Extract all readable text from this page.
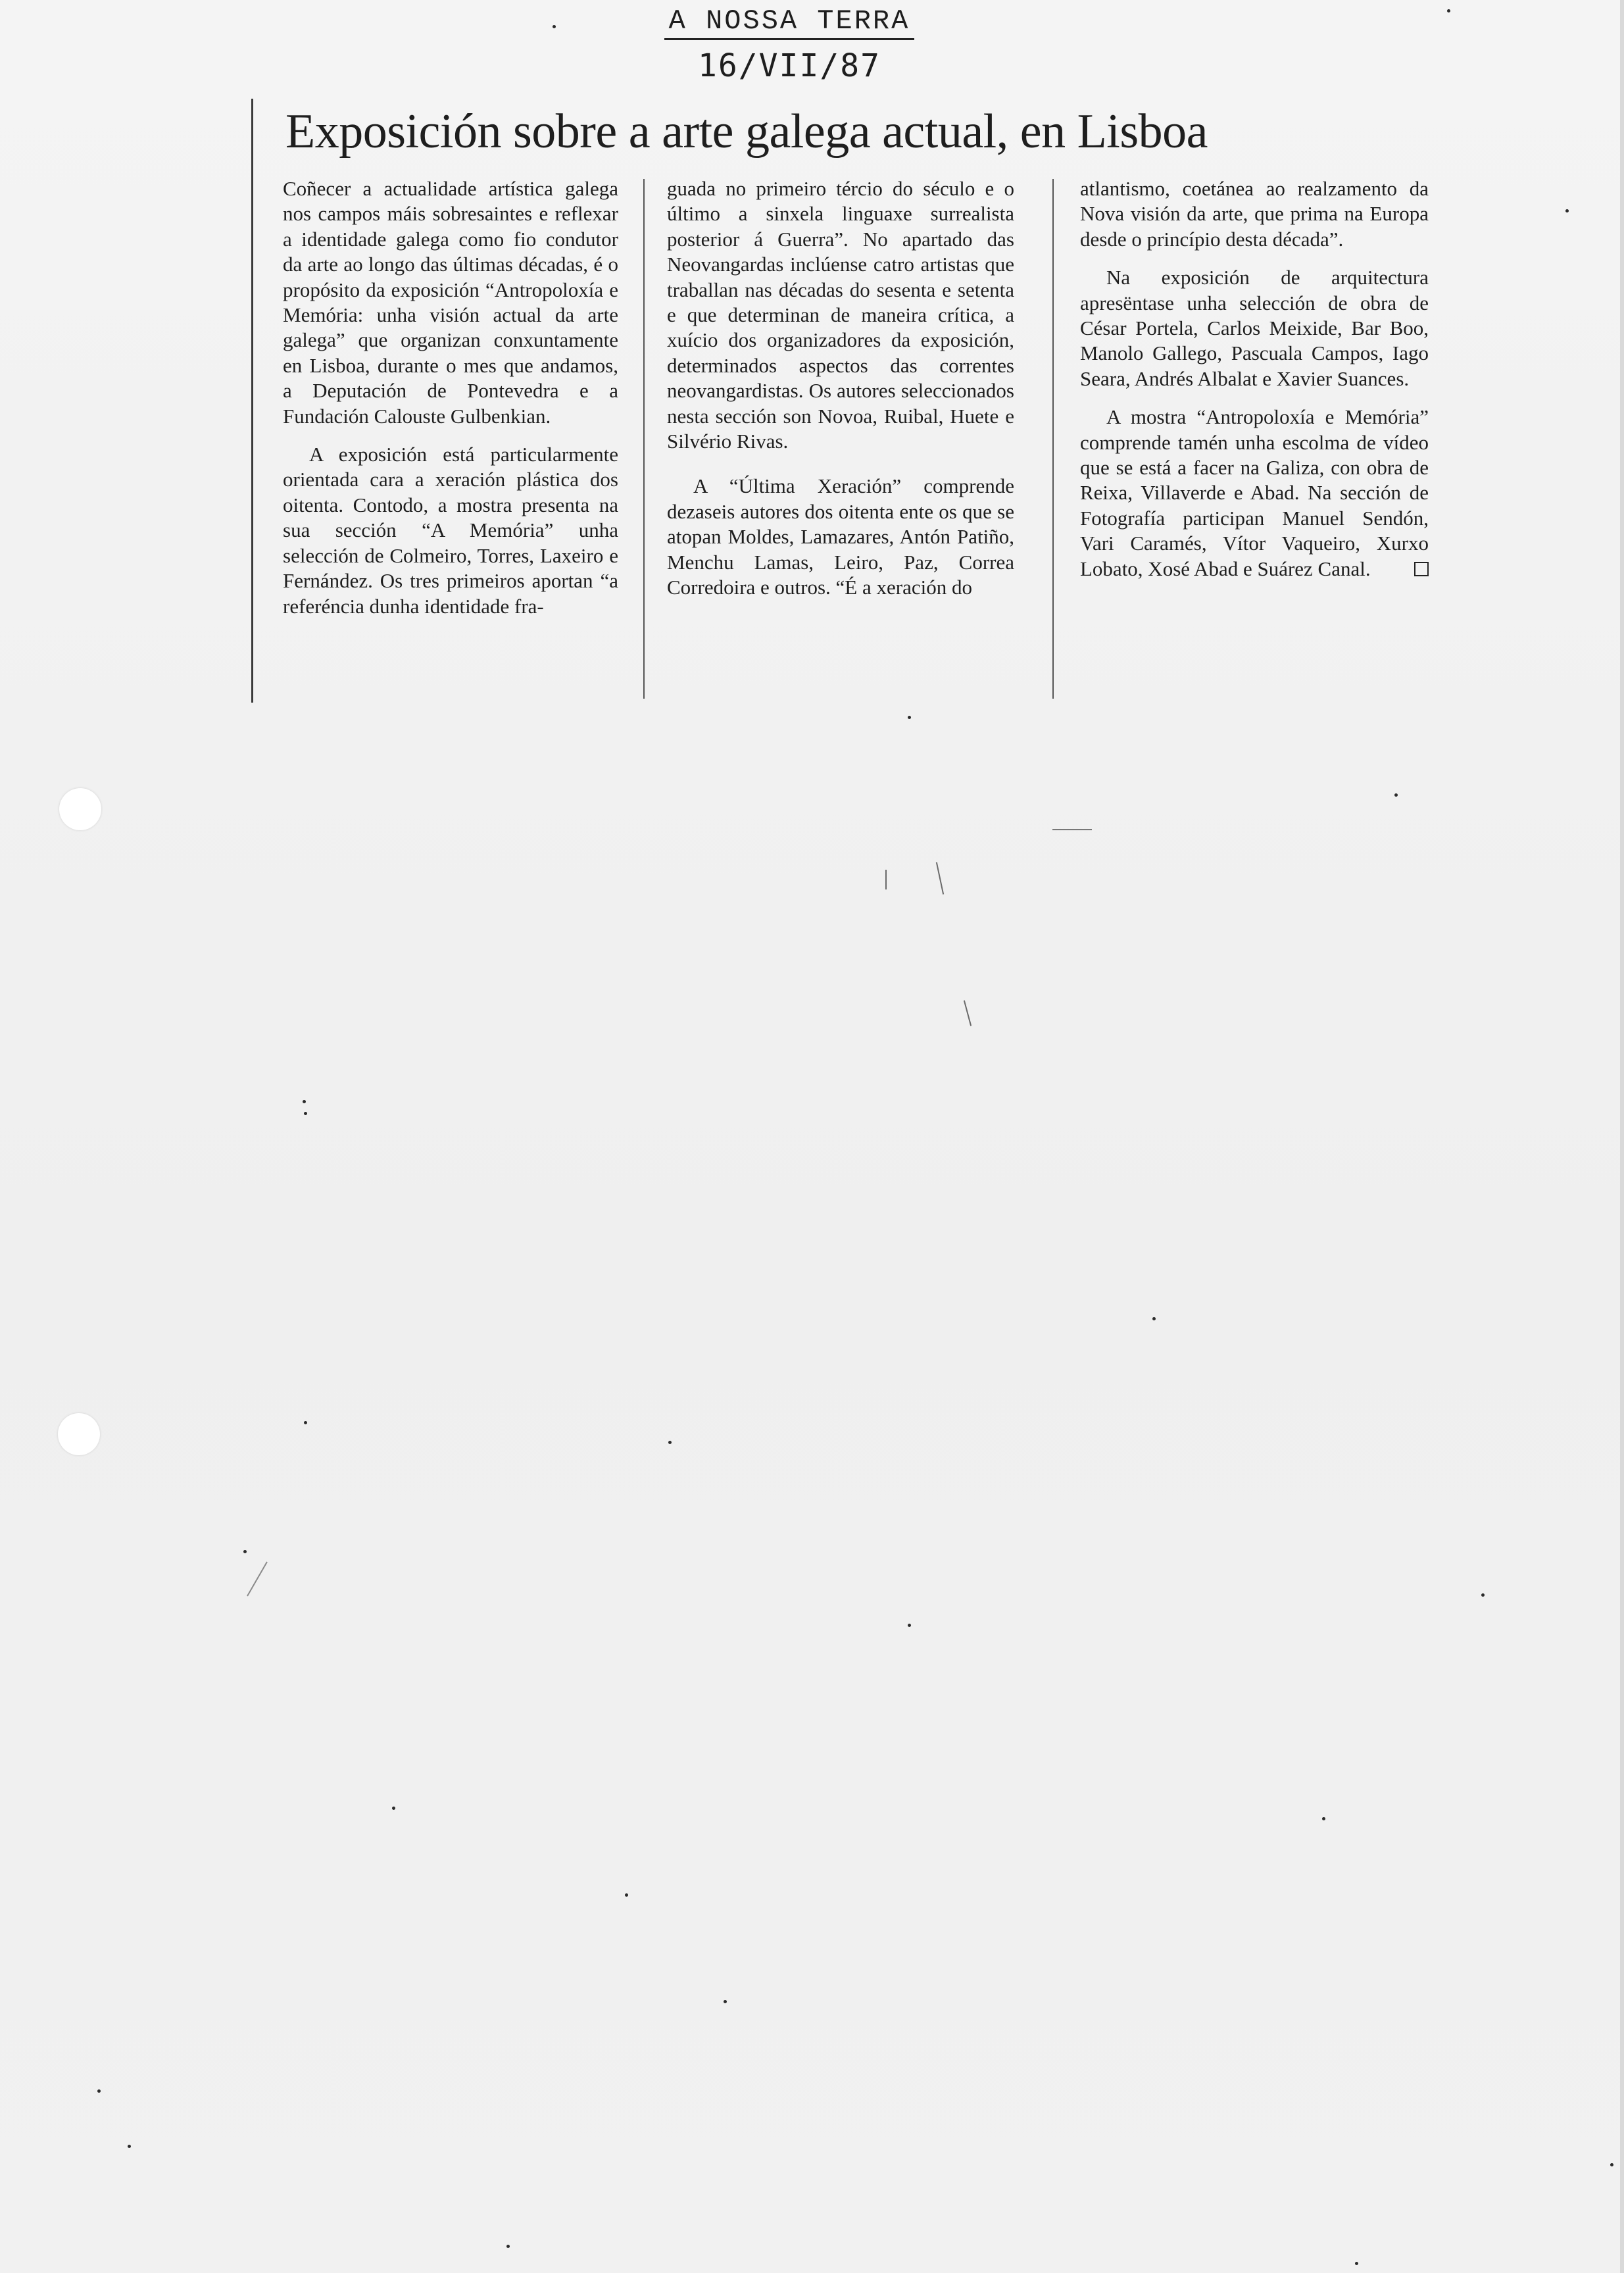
A NOSSA TERRA
16/VII/87
Exposición sobre a arte galega actual, en Lisboa

Coñecer a actualidade artística galega nos campos máis sobresaintes e reflexar a identidade galega como fio condutor da arte ao longo das últimas décadas, é o propósito da exposición “Antropoloxía e Memória: unha visión actual da arte galega” que organizan conxuntamente en Lisboa, durante o mes que andamos, a Deputación de Pontevedra e a Fundación Calouste Gulbenkian.

A exposición está particularmente orientada cara a xeración plástica dos oitenta. Contodo, a mostra presenta na sua sección “A Memória” unha selección de Colmeiro, Torres, Laxeiro e Fernández. Os tres primeiros aportan “a referéncia dunha identidade fra-

guada no primeiro tércio do século e o último a sinxela linguaxe surrealista posterior á Guerra”. No apartado das Neovangardas inclúense catro artistas que traballan nas décadas do sesenta e setenta e que determinan de maneira crítica, a xuício dos organizadores da exposición, determinados aspectos das correntes neovangardistas. Os autores seleccionados nesta sección son Novoa, Ruibal, Huete e Silvério Rivas.

A “Última Xeración” comprende dezaseis autores dos oitenta ente os que se atopan Moldes, Lamazares, Antón Patiño, Menchu Lamas, Leiro, Paz, Correa Corredoira e outros. “É a xeración do

atlantismo, coetánea ao realzamento da Nova visión da arte, que prima na Europa desde o princípio desta década”.

Na exposición de arquitectura apresëntase unha selección de obra de César Portela, Carlos Meixide, Bar Boo, Manolo Gallego, Pascuala Campos, Iago Seara, Andrés Albalat e Xavier Suances.

A mostra “Antropoloxía e Memória” comprende tamén unha escolma de vídeo que se está a facer na Galiza, con obra de Reixa, Villaverde e Abad. Na sección de Fotografía participan Manuel Sendón, Vari Caramés, Vítor Vaqueiro, Xurxo Lobato, Xosé Abad e Suárez Canal.
